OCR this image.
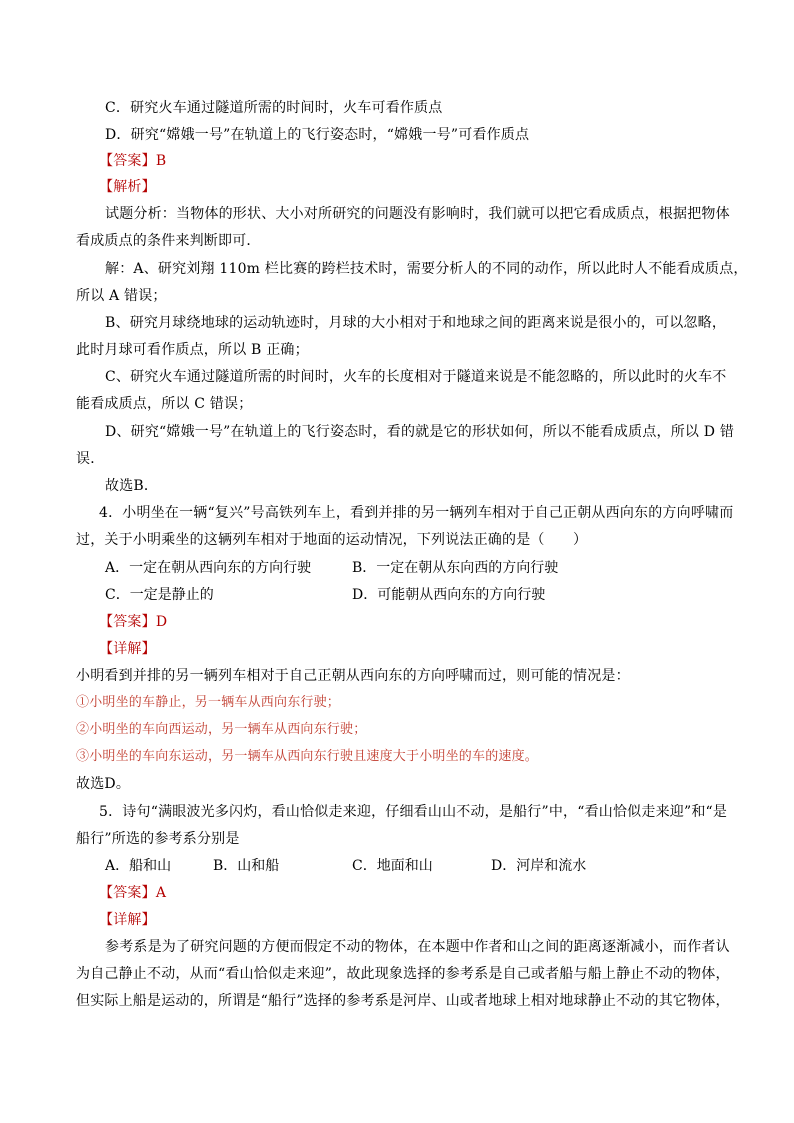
C．研究火车通过隧道所需的时间时，火车可看作质点
D．研究“嫦娥一号”在轨道上的飞行姿态时，“嫦娥一号”可看作质点
【答案】B
【解析】
试题分析：当物体的形状、大小对所研究的问题没有影响时，我们就可以把它看成质点，根据把物体
看成质点的条件来判断即可．
解：A、研究刘翔 110m 栏比赛的跨栏技术时，需要分析人的不同的动作，所以此时人不能看成质点，
所以 A 错误；
B、研究月球绕地球的运动轨迹时，月球的大小相对于和地球之间的距离来说是很小的，可以忽略，
此时月球可看作质点，所以 B 正确；
C、研究火车通过隧道所需的时间时，火车的长度相对于隧道来说是不能忽略的，所以此时的火车不
能看成质点，所以 C 错误；
D、研究“嫦娥一号”在轨道上的飞行姿态时，看的就是它的形状如何，所以不能看成质点，所以 D 错
误．
故选B．
4．小明坐在一辆“复兴”号高铁列车上，看到并排的另一辆列车相对于自己正朝从西向东的方向呼啸而
过，关于小明乘坐的这辆列车相对于地面的运动情况，下列说法正确的是（　　）
A．一定在朝从西向东的方向行驶	B．一定在朝从东向西的方向行驶
C．一定是静止的	D．可能朝从西向东的方向行驶
【答案】D
【详解】
小明看到并排的另一辆列车相对于自己正朝从西向东的方向呼啸而过，则可能的情况是：
①小明坐的车静止，另一辆车从西向东行驶；
②小明坐的车向西运动，另一辆车从西向东行驶；
③小明坐的车向东运动，另一辆车从西向东行驶且速度大于小明坐的车的速度。
故选D。
5．诗句“满眼波光多闪灼，看山恰似走来迎，仔细看山山不动，是船行”中，“看山恰似走来迎”和“是
船行”所选的参考系分别是
A．船和山	B．山和船	C．地面和山	D．河岸和流水
【答案】A
【详解】
参考系是为了研究问题的方便而假定不动的物体，在本题中作者和山之间的距离逐渐减小，而作者认
为自己静止不动，从而“看山恰似走来迎”，故此现象选择的参考系是自己或者船与船上静止不动的物体，
但实际上船是运动的，所谓是“船行”选择的参考系是河岸、山或者地球上相对地球静止不动的其它物体，
